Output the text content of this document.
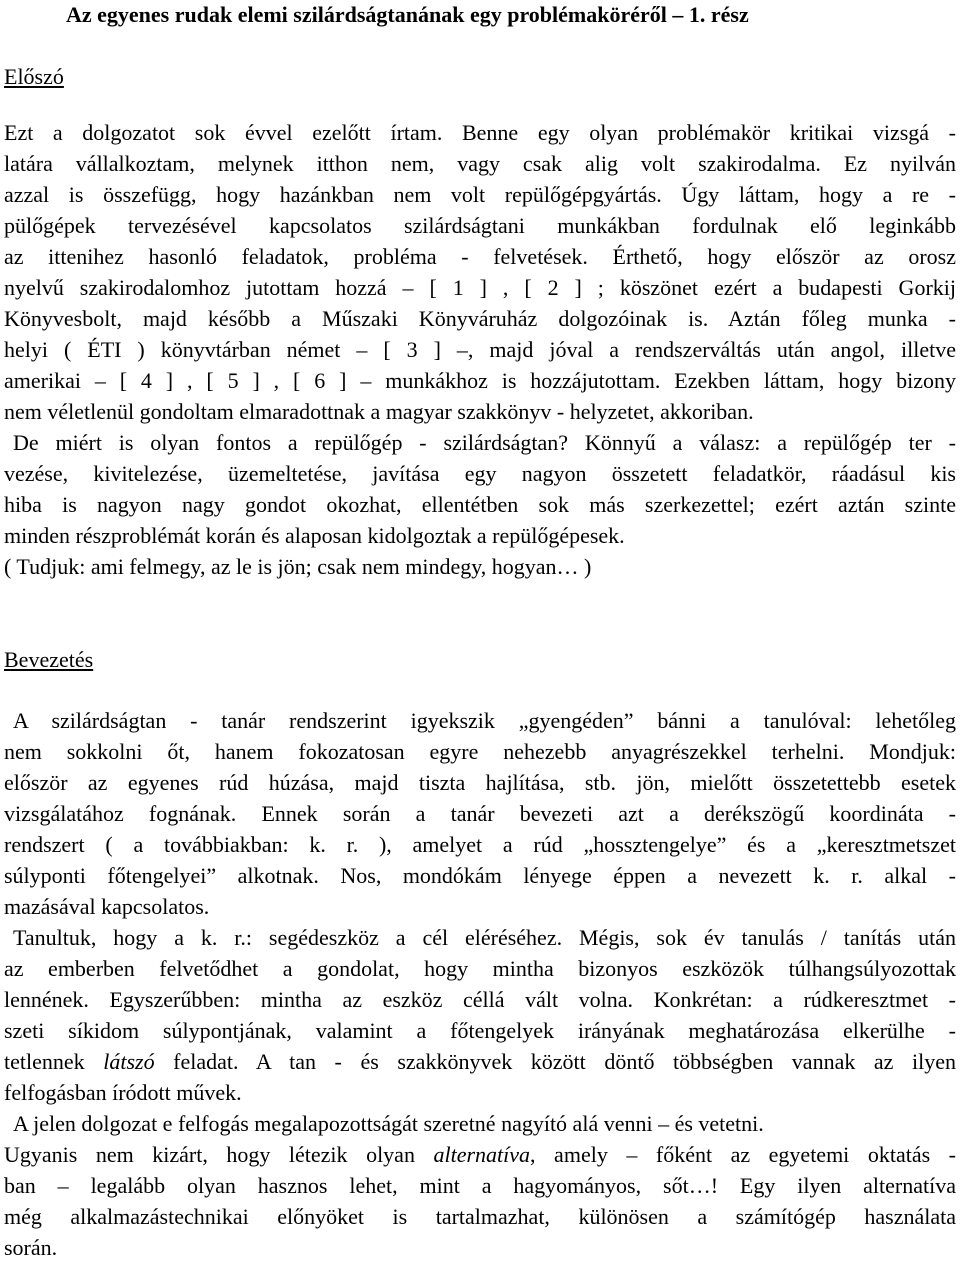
Az egyenes rudak elemi szilárdságtanának egy problémaköréről – 1. rész
Előszó
Ezt a dolgozatot sok évvel ezelőtt írtam. Benne egy olyan problémakör kritikai vizsgá -
latára vállalkoztam, melynek itthon nem, vagy csak alig volt szakirodalma. Ez nyilván
azzal is összefügg, hogy hazánkban nem volt repülőgépgyártás. Úgy láttam, hogy a re -
pülőgépek tervezésével kapcsolatos szilárdságtani munkákban fordulnak elő leginkább
az ittenihez hasonló feladatok, probléma - felvetések. Érthető, hogy először az orosz
nyelvű szakirodalomhoz jutottam hozzá – [ 1 ] , [ 2 ] ; köszönet ezért a budapesti Gorkij
Könyvesbolt, majd később a Műszaki Könyváruház dolgozóinak is. Aztán főleg munka -
helyi ( ÉTI ) könyvtárban német – [ 3 ] –, majd jóval a rendszerváltás után angol, illetve
amerikai – [ 4 ] , [ 5 ] , [ 6 ] – munkákhoz is hozzájutottam. Ezekben láttam, hogy bizony
nem véletlenül gondoltam elmaradottnak a magyar szakkönyv - helyzetet, akkoriban.
De miért is olyan fontos a repülőgép - szilárdságtan? Könnyű a válasz: a repülőgép ter -
vezése, kivitelezése, üzemeltetése, javítása egy nagyon összetett feladatkör, ráadásul kis
hiba is nagyon nagy gondot okozhat, ellentétben sok más szerkezettel; ezért aztán szinte
minden részproblémát korán és alaposan kidolgoztak a repülőgépesek.
( Tudjuk: ami felmegy, az le is jön; csak nem mindegy, hogyan… )
Bevezetés
A szilárdságtan - tanár rendszerint igyekszik „gyengéden” bánni a tanulóval: lehetőleg
nem sokkolni őt, hanem fokozatosan egyre nehezebb anyagrészekkel terhelni. Mondjuk:
először az egyenes rúd húzása, majd tiszta hajlítása, stb. jön, mielőtt összetettebb esetek
vizsgálatához fognának. Ennek során a tanár bevezeti azt a derékszögű koordináta -
rendszert ( a továbbiakban: k. r. ), amelyet a rúd „hossztengelye” és a „keresztmetszet
súlyponti főtengelyei” alkotnak. Nos, mondókám lényege éppen a nevezett k. r. alkal -
mazásával kapcsolatos.
Tanultuk, hogy a k. r.: segédeszköz a cél eléréséhez. Mégis, sok év tanulás / tanítás után
az emberben felvetődhet a gondolat, hogy mintha bizonyos eszközök túlhangsúlyozottak
lennének. Egyszerűbben: mintha az eszköz céllá vált volna. Konkrétan: a rúdkeresztmet -
szeti síkidom súlypontjának, valamint a főtengelyek irányának meghatározása elkerülhe -
tetlennek látszó feladat. A tan - és szakkönyvek között döntő többségben vannak az ilyen
felfogásban íródott művek.
A jelen dolgozat e felfogás megalapozottságát szeretné nagyító alá venni – és vetetni.
Ugyanis nem kizárt, hogy létezik olyan alternatíva, amely – főként az egyetemi oktatás -
ban – legalább olyan hasznos lehet, mint a hagyományos, sőt…! Egy ilyen alternatíva
még alkalmazástechnikai előnyöket is tartalmazhat, különösen a számítógép használata
során.
